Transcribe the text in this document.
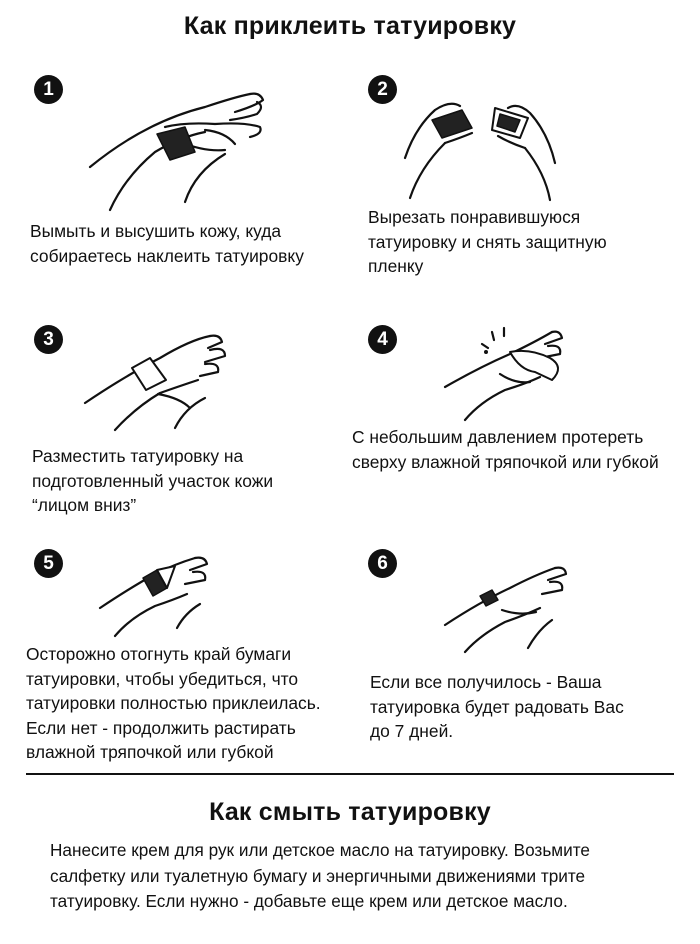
Как приклеить татуировку
1
Вымыть и высушить кожу, куда
собираетесь наклеить татуировку
2
Вырезать понравившуюся
татуировку и снять защитную
пленку
3
Разместить татуировку на
подготовленный участок кожи
“лицом вниз”
4
С небольшим давлением протереть
сверху влажной тряпочкой или губкой
5
Осторожно отогнуть край бумаги
татуировки, чтобы убедиться, что
татуировки полностью приклеилась.
Если нет - продолжить растирать
влажной тряпочкой или губкой
6
Если все получилось - Ваша
татуировка будет радовать Вас
до 7 дней.
Как смыть татуировку
Нанесите крем для рук или детское масло на татуировку. Возьмите салфетку или туалетную бумагу и энергичными движениями трите татуировку. Если нужно - добавьте еще крем или детское масло.
